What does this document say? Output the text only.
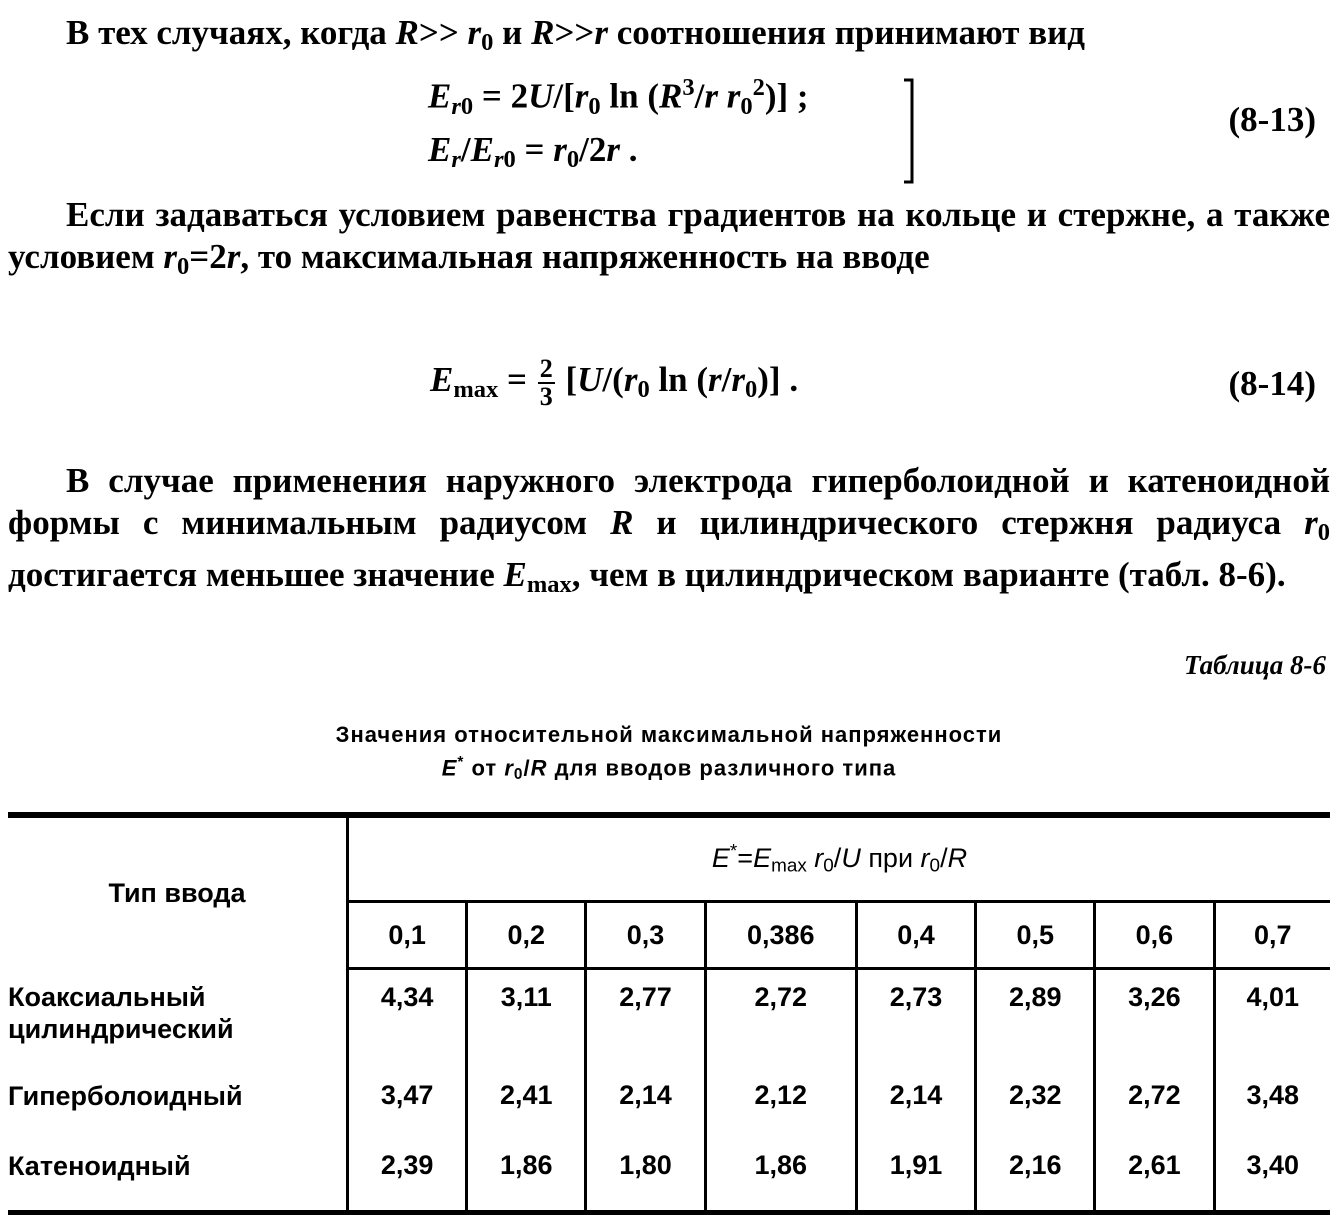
В тех случаях, когда $R>> r_0$ и R>>r соотношения принимают вид
$E_{r0} = 2U/[r_0$ $\ln (R^3/r$ $r_0^2$)] ;
$E_r/E_{r0} = r_0/2r$ .
(8-13)
Если задаваться условием равенства градиентов на кольце и стержне, а также условием $r_0=2r$, то максимальная напряженность на вводе
$E_{max} = \frac{2}{3} [U/(r_0$ $\ln (r/r_0)$] .	(8-14)
В случае применения наружного электрода гиперболоидной и катеноидной формы с минимальным радиусом R и цилиндрического стержня радиуса $r_0$ достигается меньшее значение $E_{max}$, чем в цилиндрическом варианте (табл. 8-6).
Таблица 8-6
Значения относительной максимальной напряженности
E* от $r_0/R$ для вводов различного типа
Тип ввода	$E^*=E_{max}$ $r_0/U$ при $r_0/R$							
	0,1	0,2	0,3	0,386	0,4	0,5	0,6	0,7
Коаксиальный
цилиндрический	4,34	3,11	2,77	2,72	2,73	2,89	3,26	4,01
Гиперболоидный	3,47	2,41	2,14	2,12	2,14	2,32	2,72	3,48
Катеноидный	2,39	1,86	1,80	1,86	1,91	2,16	2,61	3,40
